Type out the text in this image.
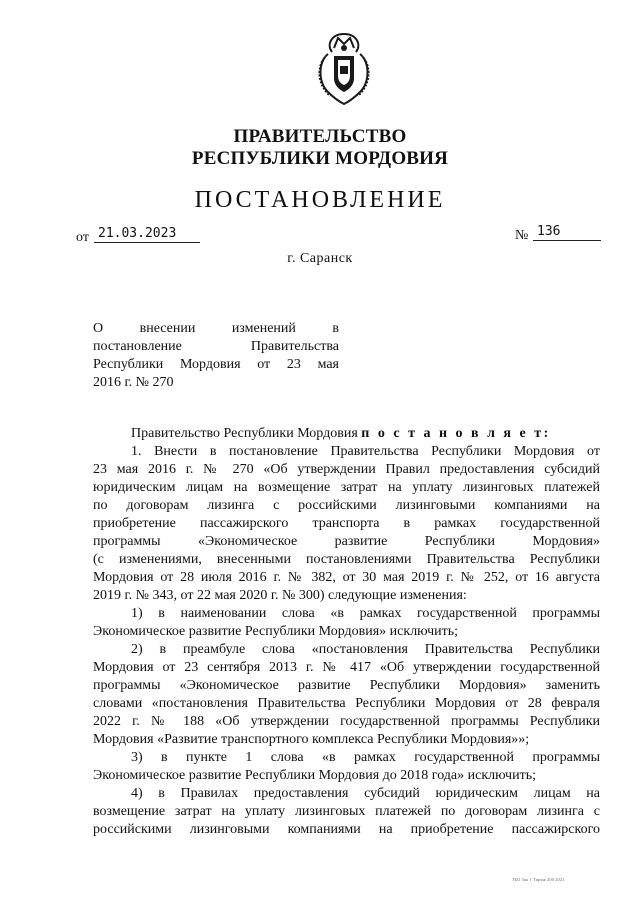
ПРАВИТЕЛЬСТВО
РЕСПУБЛИКИ МОРДОВИЯ
ПОСТАНОВЛЕНИЕ
от 21.03.2023	№ 136
г. Саранск
О внесении изменений в
постановление Правительства
Республики Мордовия от 23 мая
2016 г. № 270
Правительство Республики Мордовия п о с т а н о в л я е т:
1. Внести в постановление Правительства Республики Мордовия от
23 мая 2016 г. № 270 «Об утверждении Правил предоставления субсидий
юридическим лицам на возмещение затрат на уплату лизинговых платежей
по договорам лизинга с российскими лизинговыми компаниями на
приобретение пассажирского транспорта в рамках государственной
программы «Экономическое развитие Республики Мордовия»
(с изменениями, внесенными постановлениями Правительства Республики
Мордовия от 28 июля 2016 г. № 382, от 30 мая 2019 г. № 252, от 16 августа
2019 г. № 343, от 22 мая 2020 г. № 300) следующие изменения:
1) в наименовании слова «в рамках государственной программы
Экономическое развитие Республики Мордовия» исключить;
2) в преамбуле слова «постановления Правительства Республики
Мордовия от 23 сентября 2013 г. № 417 «Об утверждении государственной
программы «Экономическое развитие Республики Мордовия» заменить
словами «постановления Правительства Республики Мордовия от 28 февраля
2022 г. № 188 «Об утверждении государственной программы Республики
Мордовия «Развитие транспортного комплекса Республики Мордовия»»;
3) в пункте 1 слова «в рамках государственной программы
Экономическое развитие Республики Мордовия до 2018 года» исключить;
4) в Правилах предоставления субсидий юридическим лицам на
возмещение затрат на уплату лизинговых платежей по договорам лизинга с
российскими лизинговыми компаниями на приобретение пассажирского
ТБО Зак 1 Тираж 200 2021
